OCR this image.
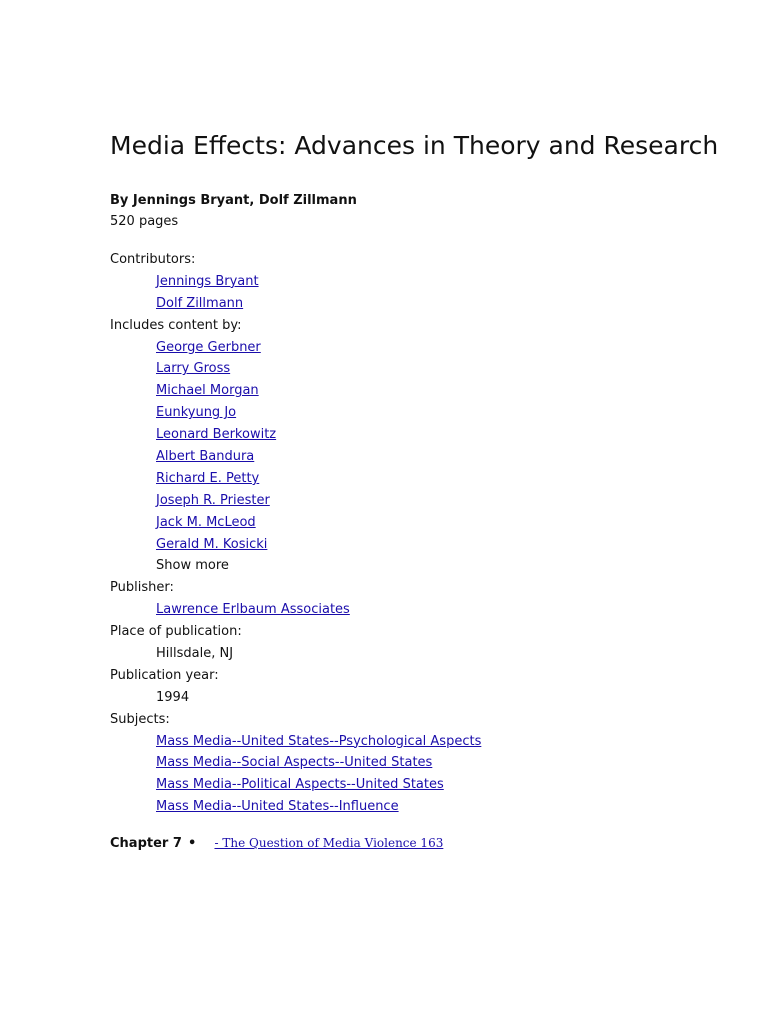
Media Effects: Advances in Theory and Research
By Jennings Bryant, Dolf Zillmann
520 pages
Contributors:
Jennings Bryant
Dolf Zillmann
Includes content by:
George Gerbner
Larry Gross
Michael Morgan
Eunkyung Jo
Leonard Berkowitz
Albert Bandura
Richard E. Petty
Joseph R. Priester
Jack M. McLeod
Gerald M. Kosicki
Show more
Publisher:
Lawrence Erlbaum Associates
Place of publication:
Hillsdale, NJ
Publication year:
1994
Subjects:
Mass Media--United States--Psychological Aspects
Mass Media--Social Aspects--United States
Mass Media--Political Aspects--United States
Mass Media--United States--Influence
Chapter 7 • - The Question of Media Violence 163
